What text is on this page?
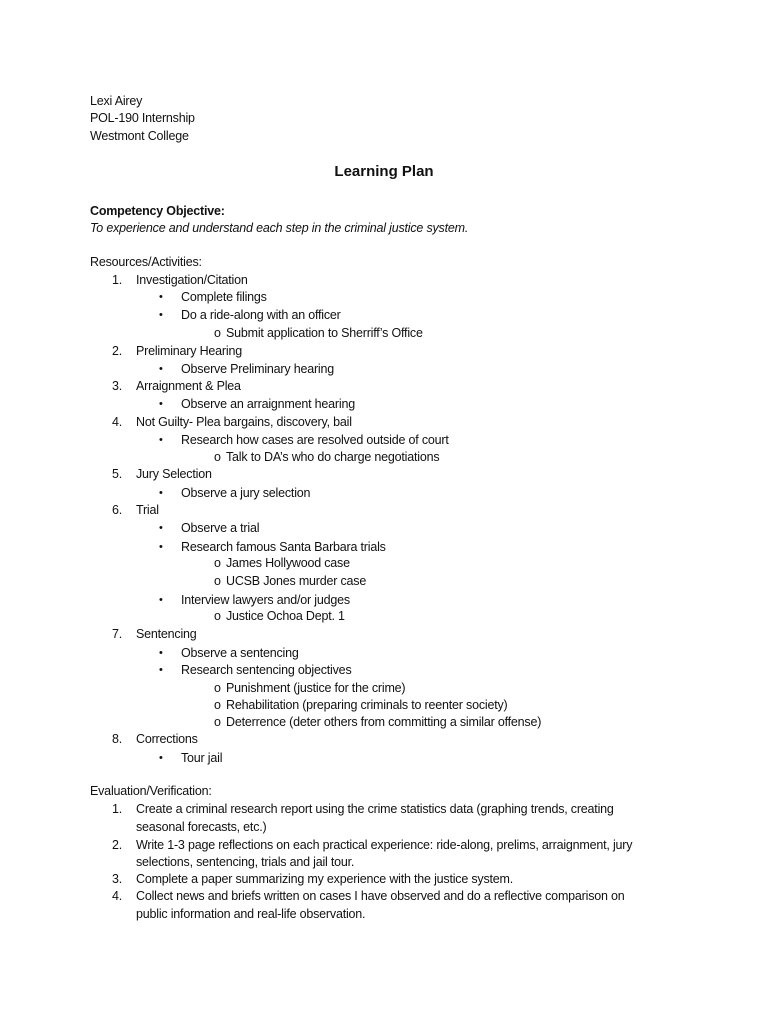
Lexi Airey
POL-190 Internship
Westmont College
Learning Plan
Competency Objective:
To experience and understand each step in the criminal justice system.
Resources/Activities:
1. Investigation/Citation
• Complete filings
• Do a ride-along with an officer
o Submit application to Sherriff’s Office
2. Preliminary Hearing
• Observe Preliminary hearing
3. Arraignment & Plea
• Observe an arraignment hearing
4. Not Guilty- Plea bargains, discovery, bail
• Research how cases are resolved outside of court
o Talk to DA’s who do charge negotiations
5. Jury Selection
• Observe a jury selection
6. Trial
• Observe a trial
• Research famous Santa Barbara trials
o James Hollywood case
o UCSB Jones murder case
• Interview lawyers and/or judges
o Justice Ochoa Dept. 1
7. Sentencing
• Observe a sentencing
• Research sentencing objectives
o Punishment (justice for the crime)
o Rehabilitation (preparing criminals to reenter society)
o Deterrence (deter others from committing a similar offense)
8. Corrections
• Tour jail
Evaluation/Verification:
1. Create a criminal research report using the crime statistics data (graphing trends, creating
seasonal forecasts, etc.)
2. Write 1-3 page reflections on each practical experience: ride-along, prelims, arraignment, jury
selections, sentencing, trials and jail tour.
3. Complete a paper summarizing my experience with the justice system.
4. Collect news and briefs written on cases I have observed and do a reflective comparison on
public information and real-life observation.
